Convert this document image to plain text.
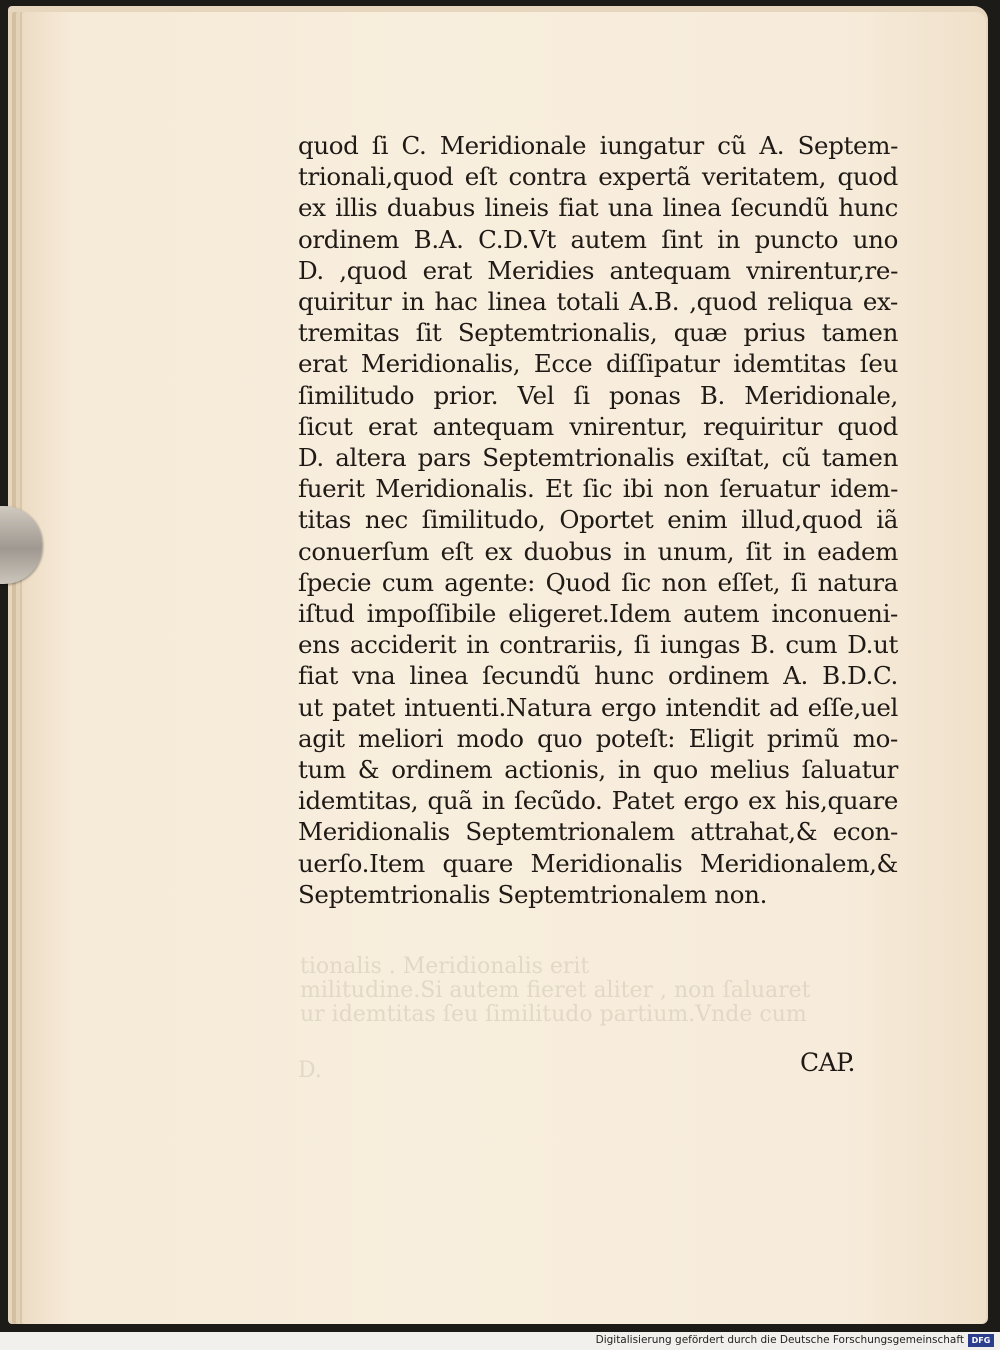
tionalis . Meridionalis erit
militudine.Si autem fieret aliter , non ſaluaret
ur idemtitas ſeu ſimilitudo partium.Vnde cum
D.
quod ſi C. Meridionale iungatur cũ A. Septem-
trionali,quod eſt contra expertã veritatem, quod
ex illis duabus lineis fiat una linea ſecundũ hunc
ordinem B.A. C.D.Vt autem ſint in puncto uno
D. ,quod erat Meridies antequam vnirentur,re-
quiritur in hac linea totali A.B. ,quod reliqua ex-
tremitas ſit Septemtrionalis, quæ prius tamen
erat Meridionalis, Ecce diſſipatur idemtitas ſeu
ſimilitudo prior. Vel ſi ponas B. Meridionale,
ſicut erat antequam vnirentur, requiritur quod
D. altera pars Septemtrionalis exiſtat, cũ tamen
fuerit Meridionalis. Et ſic ibi non ſeruatur idem-
titas nec ſimilitudo, Oportet enim illud,quod iã
conuerſum eſt ex duobus in unum, ſit in eadem
ſpecie cum agente: Quod ſic non eſſet, ſi natura
iſtud impoſſibile eligeret.Idem autem inconueni-
ens acciderit in contrariis, ſi iungas B. cum D.ut
fiat vna linea ſecundũ hunc ordinem A. B.D.C.
ut patet intuenti.Natura ergo intendit ad eſſe,uel
agit meliori modo quo poteſt: Eligit primũ mo-
tum & ordinem actionis, in quo melius ſaluatur
idemtitas, quã in ſecũdo. Patet ergo ex his,quare
Meridionalis Septemtrionalem attrahat,& econ-
uerſo.Item quare Meridionalis Meridionalem,&
Septemtrionalis Septemtrionalem non.
CAP.
Digitalisierung gefördert durch die Deutsche Forschungsgemeinschaft DFG
